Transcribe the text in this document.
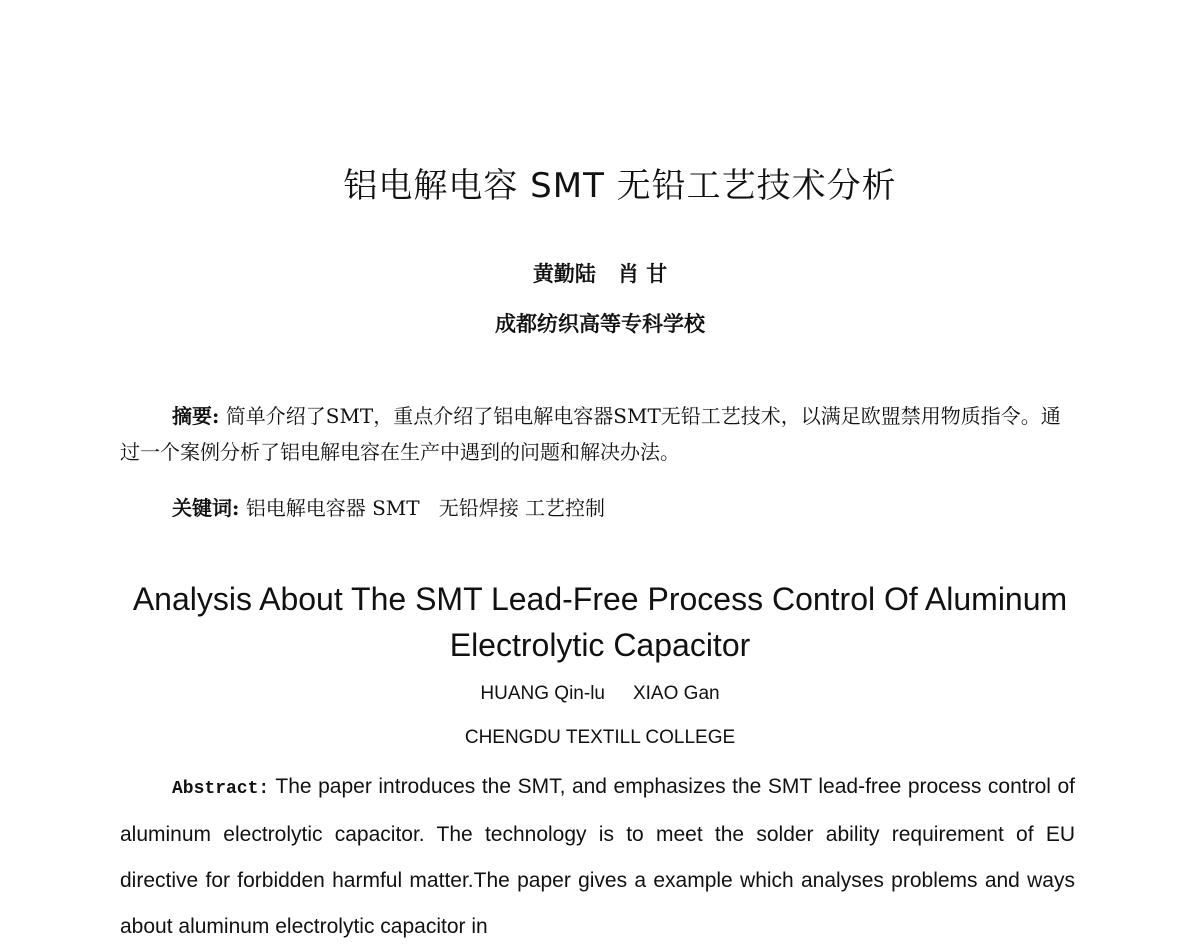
铝电解电容 SMT 无铅工艺技术分析
黄勤陆 肖 甘
成都纺织高等专科学校
摘要: 简单介绍了SMT，重点介绍了铝电解电容器SMT无铅工艺技术，以满足欧盟禁用物质指令。通过一个案例分析了铝电解电容在生产中遇到的问题和解决办法。
关键词: 铝电解电容器 SMT   无铅焊接 工艺控制
Analysis About The SMT Lead-Free Process Control Of Aluminum Electrolytic Capacitor
HUANG Qin-lu XIAO Gan
CHENGDU TEXTILL COLLEGE
Abstract: The paper introduces the SMT, and emphasizes the SMT lead-free process control of aluminum electrolytic capacitor. The technology is to meet the solder ability requirement of EU directive for forbidden harmful matter.The paper gives a example which analyses problems and ways about aluminum electrolytic capacitor in
